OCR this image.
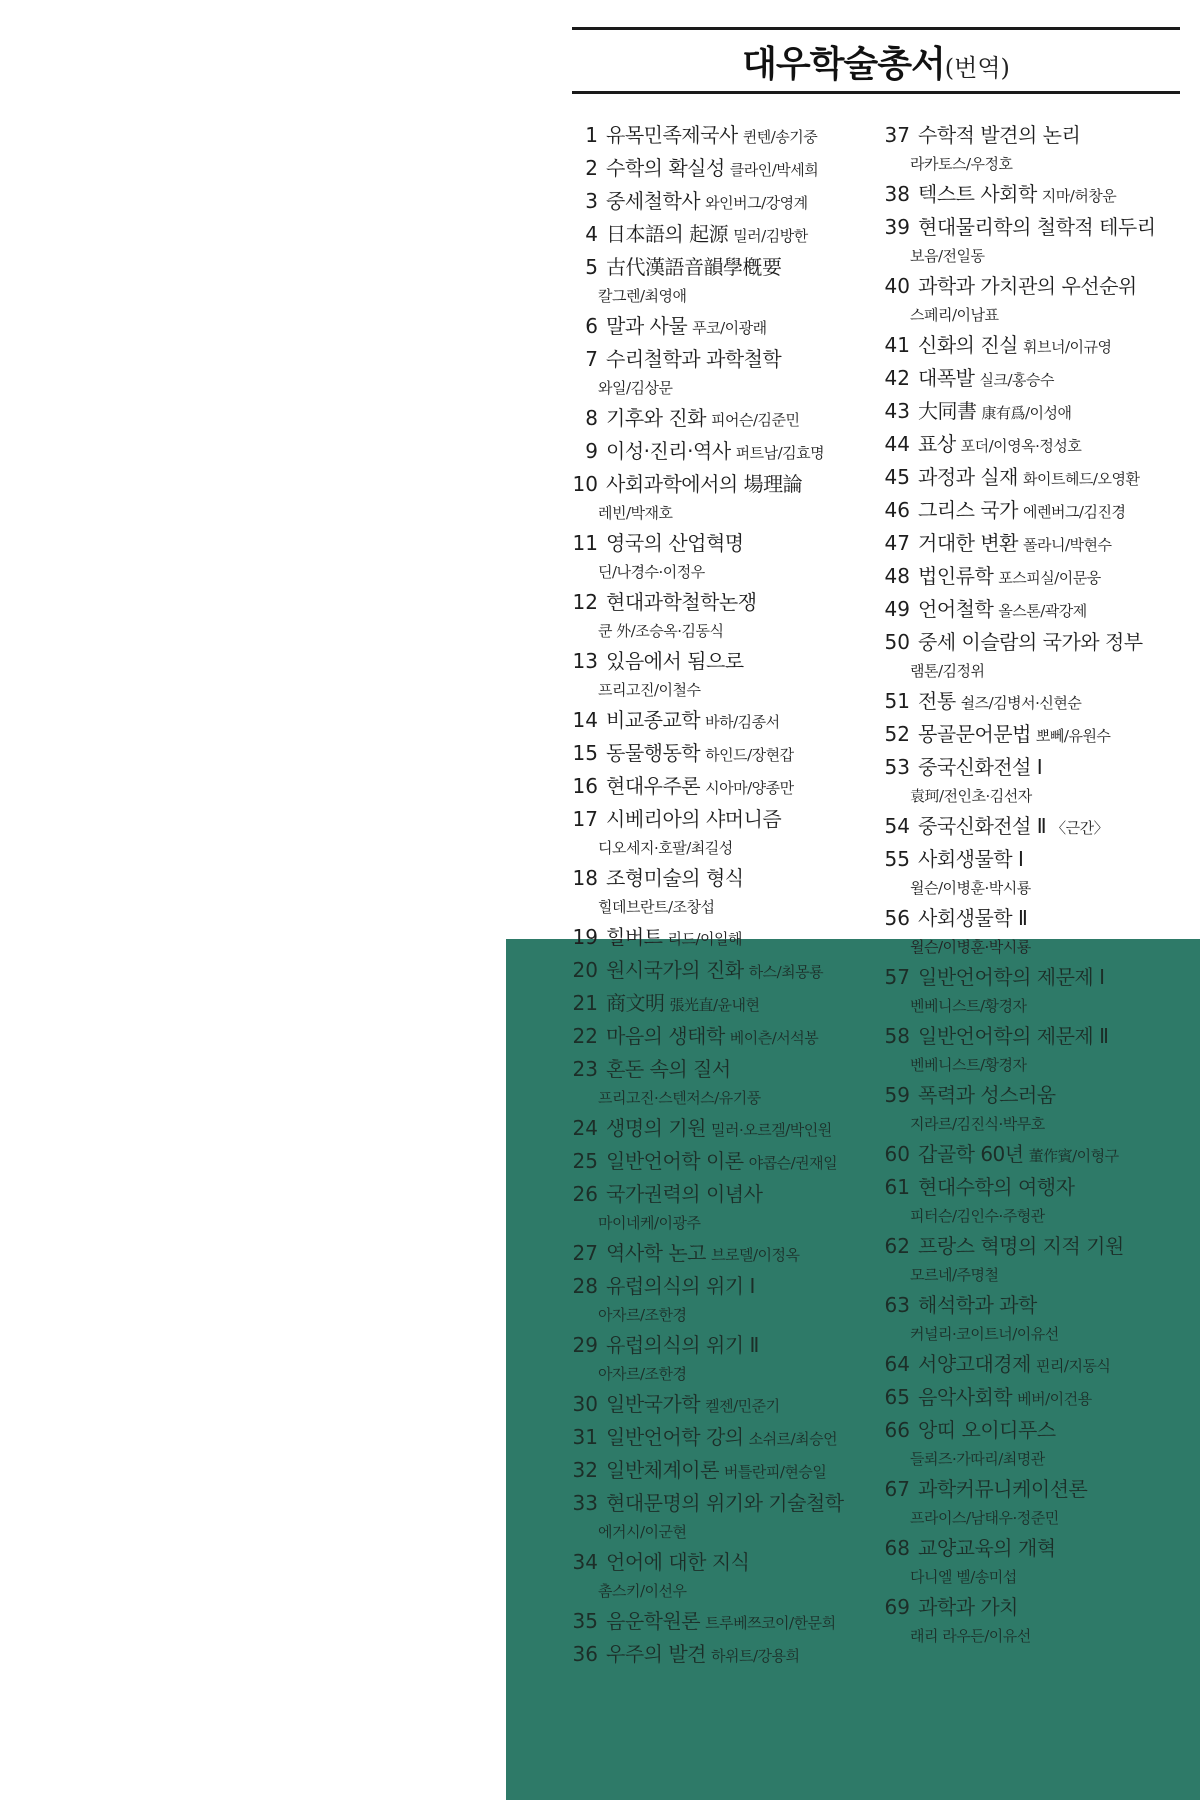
대우학술총서(번역)
1 유목민족제국사 퀸텐/송기중
2 수학의 확실성 클라인/박세희
3 중세철학사 와인버그/강영계
4 日本語의 起源 밀러/김방한
5 古代漢語音韻學槪要
칼그렌/최영애
6 말과 사물 푸코/이광래
7 수리철학과 과학철학
와일/김상문
8 기후와 진화 피어슨/김준민
9 이성·진리·역사 퍼트남/김효명
10 사회과학에서의 場理論
레빈/박재호
11 영국의 산업혁명
딘/나경수·이정우
12 현대과학철학논쟁
쿤 外/조승옥·김동식
13 있음에서 됨으로
프리고진/이철수
14 비교종교학 바하/김종서
15 동물행동학 하인드/장현갑
16 현대우주론 시아마/양종만
17 시베리아의 샤머니즘
디오세지·호팔/최길성
18 조형미술의 형식
힐데브란트/조창섭
19 힐버트 리드/이일해
20 원시국가의 진화 하스/최몽룡
21 商文明 張光直/윤내현
22 마음의 생태학 베이츤/서석봉
23 혼돈 속의 질서
프리고진·스텐저스/유기풍
24 생명의 기원 밀러·오르겔/박인원
25 일반언어학 이론 야콥슨/권재일
26 국가권력의 이념사
마이네케/이광주
27 역사학 논고 브로델/이정옥
28 유럽의식의 위기 Ⅰ
아자르/조한경
29 유럽의식의 위기 Ⅱ
아자르/조한경
30 일반국가학 켈젠/민준기
31 일반언어학 강의 소쉬르/최승언
32 일반체계이론 버틀란피/현승일
33 현대문명의 위기와 기술철학
에거시/이군현
34 언어에 대한 지식
촘스키/이선우
35 음운학원론 트루베쯔코이/한문희
36 우주의 발견 하위트/강용희
37 수학적 발견의 논리
라카토스/우정호
38 텍스트 사회학 지마/허창운
39 현대물리학의 철학적 테두리
보음/전일동
40 과학과 가치관의 우선순위
스페리/이남표
41 신화의 진실 휘브너/이규영
42 대폭발 실크/홍승수
43 大同書 康有爲/이성애
44 표상 포더/이영옥·정성호
45 과정과 실재 화이트헤드/오영환
46 그리스 국가 에렌버그/김진경
47 거대한 변환 폴라니/박현수
48 법인류학 포스피실/이문웅
49 언어철학 올스톤/곽강제
50 중세 이슬람의 국가와 정부
램톤/김정위
51 전통 쉴즈/김병서·신현순
52 몽골문어문법 뽀뻬/유원수
53 중국신화전설 Ⅰ
袁珂/전인초·김선자
54 중국신화전설 Ⅱ 〈근간〉
55 사회생물학 Ⅰ
윌슨/이병훈·박시룡
56 사회생물학 Ⅱ
윌슨/이병훈·박시룡
57 일반언어학의 제문제 Ⅰ
벤베니스트/황경자
58 일반언어학의 제문제 Ⅱ
벤베니스트/황경자
59 폭력과 성스러움
지라르/김진식·박무호
60 갑골학 60년 董作賓/이형구
61 현대수학의 여행자
피터슨/김인수·주형관
62 프랑스 혁명의 지적 기원
모르네/주명철
63 해석학과 과학
커널리·코이트너/이유선
64 서양고대경제 핀리/지동식
65 음악사회학 베버/이건용
66 앙띠 오이디푸스
들뢰즈·가따리/최명관
67 과학커뮤니케이션론
프라이스/남태우·정준민
68 교양교육의 개혁
다니엘 벨/송미섭
69 과학과 가치
래리 라우든/이유선
